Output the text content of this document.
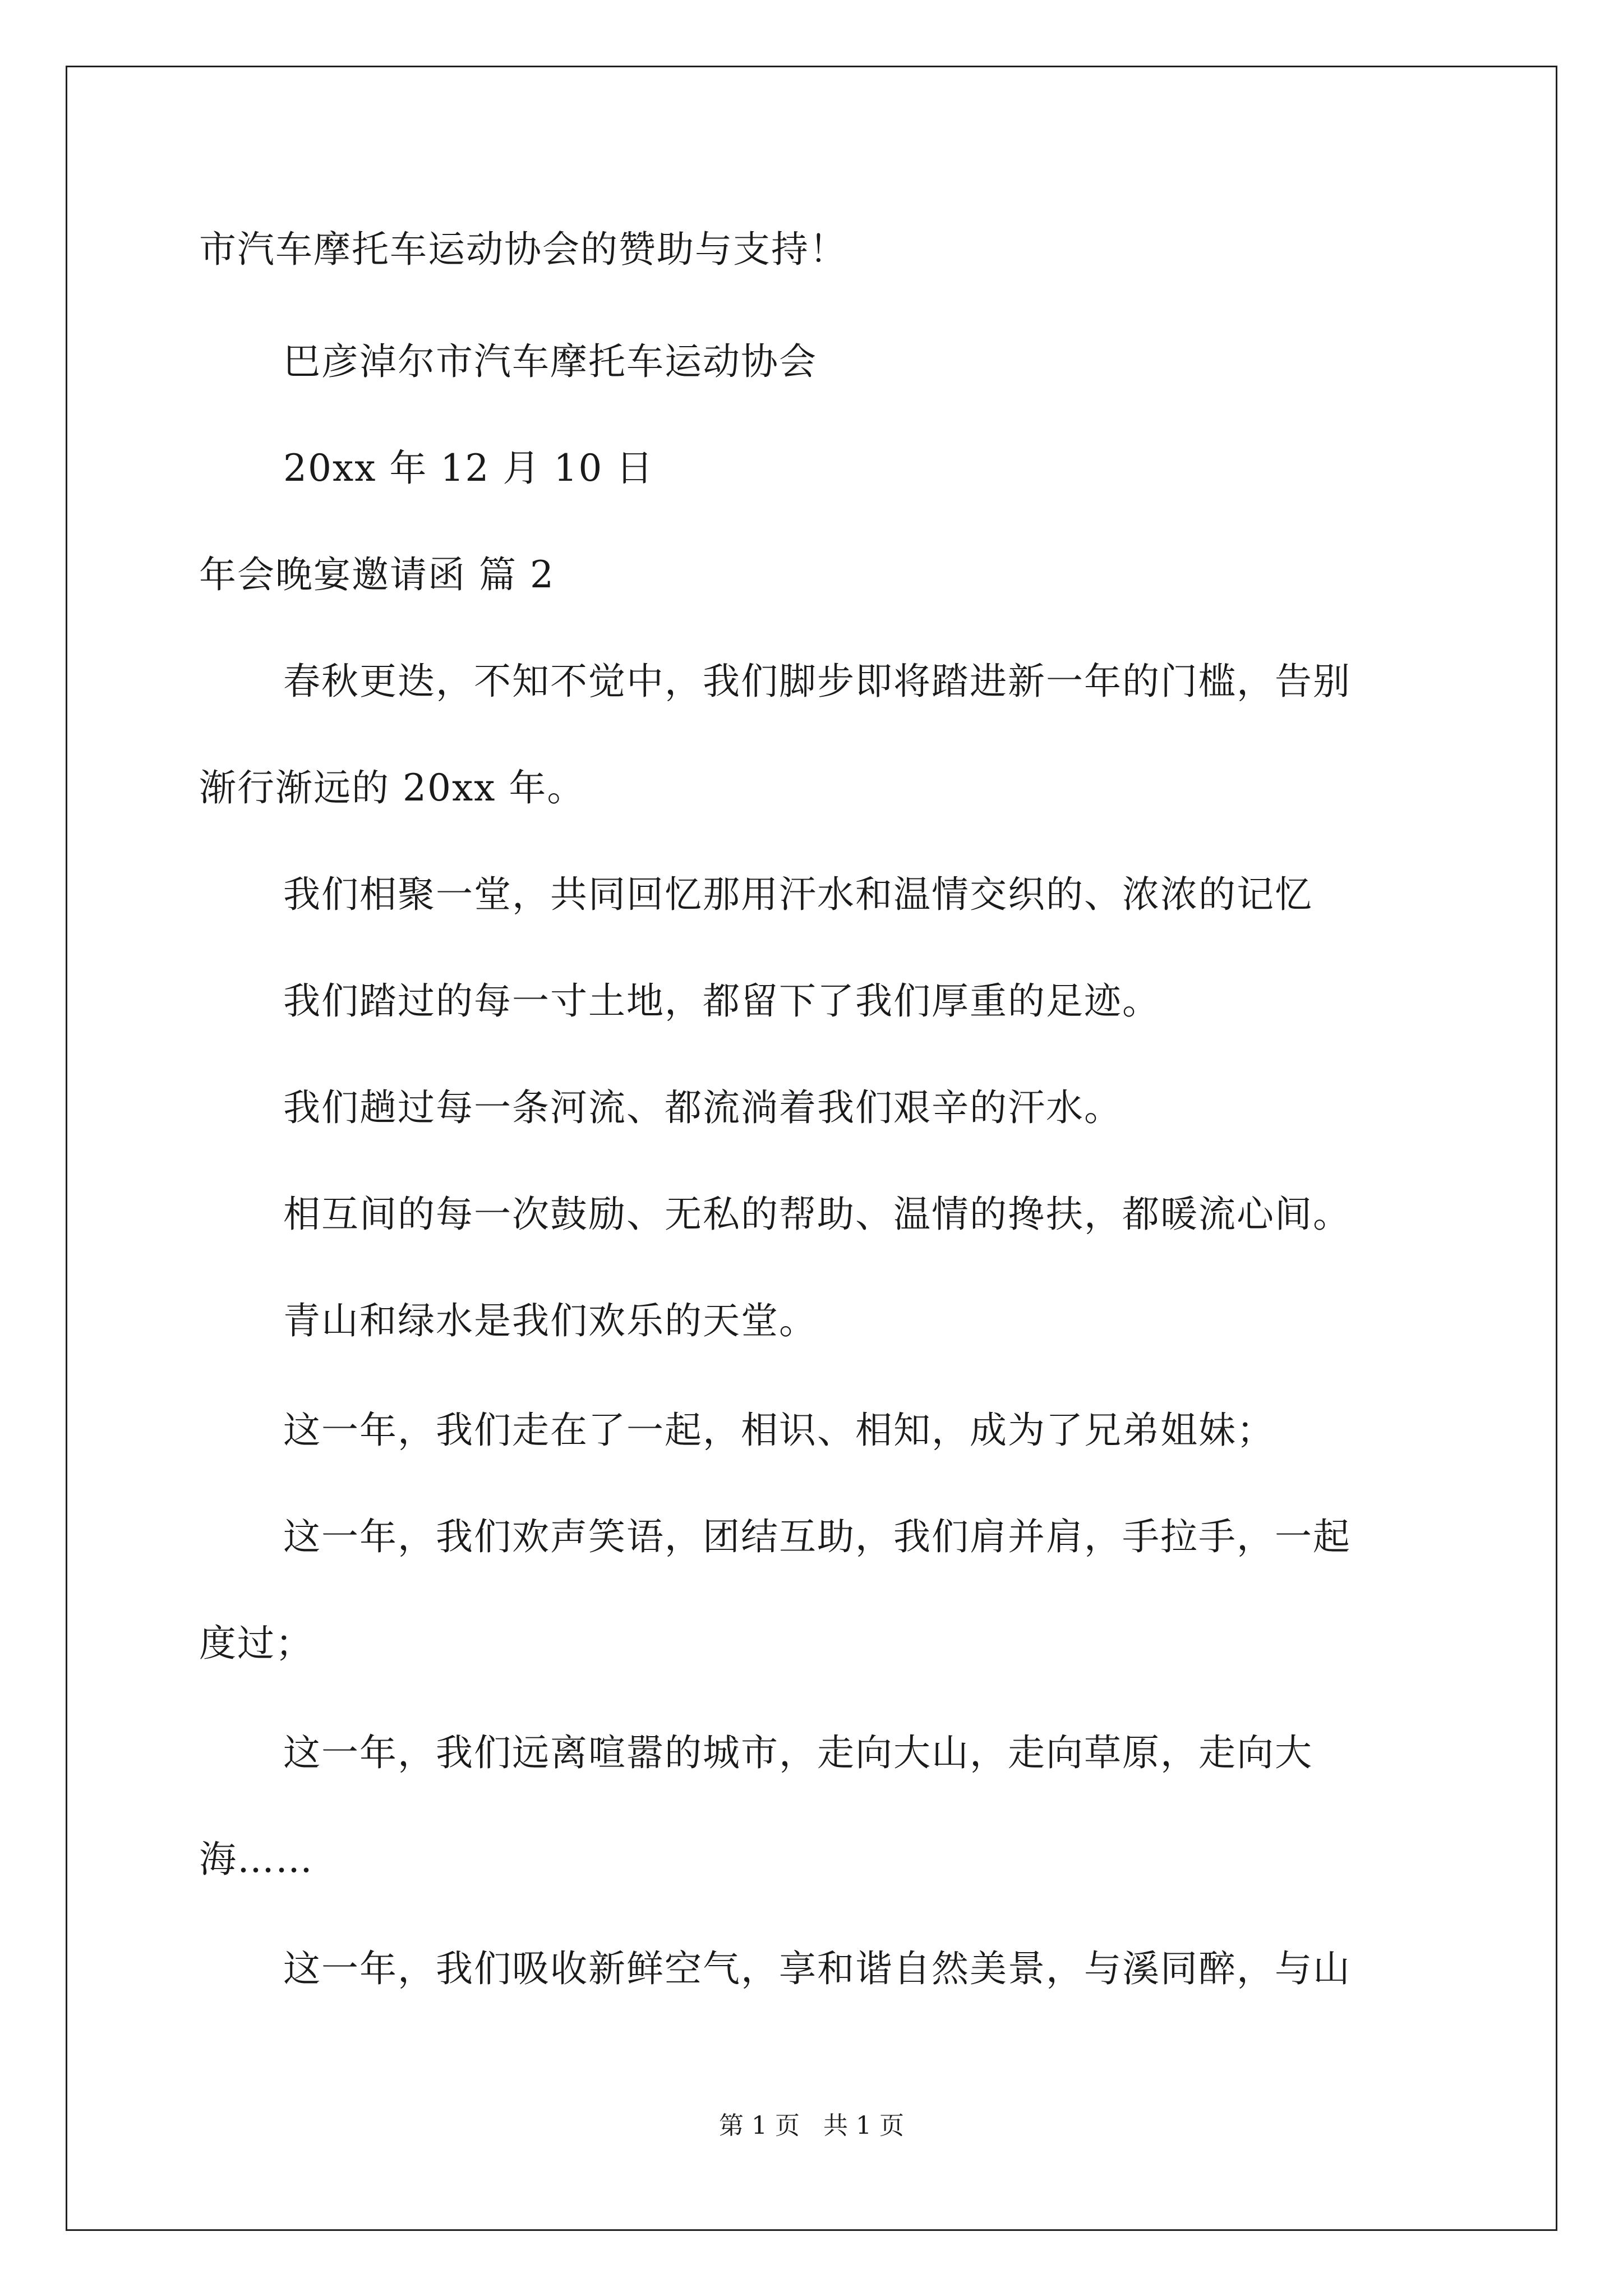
市汽车摩托车运动协会的赞助与支持！
巴彦淖尔市汽车摩托车运动协会
20xx 年 12 月 10 日
年会晚宴邀请函 篇 2
春秋更迭，不知不觉中，我们脚步即将踏进新一年的门槛，告别
渐行渐远的 20xx 年。
我们相聚一堂，共同回忆那用汗水和温情交织的、浓浓的记忆
我们踏过的每一寸土地，都留下了我们厚重的足迹。
我们趟过每一条河流、都流淌着我们艰辛的汗水。
相互间的每一次鼓励、无私的帮助、温情的搀扶，都暖流心间。
青山和绿水是我们欢乐的天堂。
这一年，我们走在了一起，相识、相知，成为了兄弟姐妹；
这一年，我们欢声笑语，团结互助，我们肩并肩，手拉手，一起
度过；
这一年，我们远离喧嚣的城市，走向大山，走向草原，走向大
海……
这一年，我们吸收新鲜空气，享和谐自然美景，与溪同醉，与山
第 1 页   共 1 页
